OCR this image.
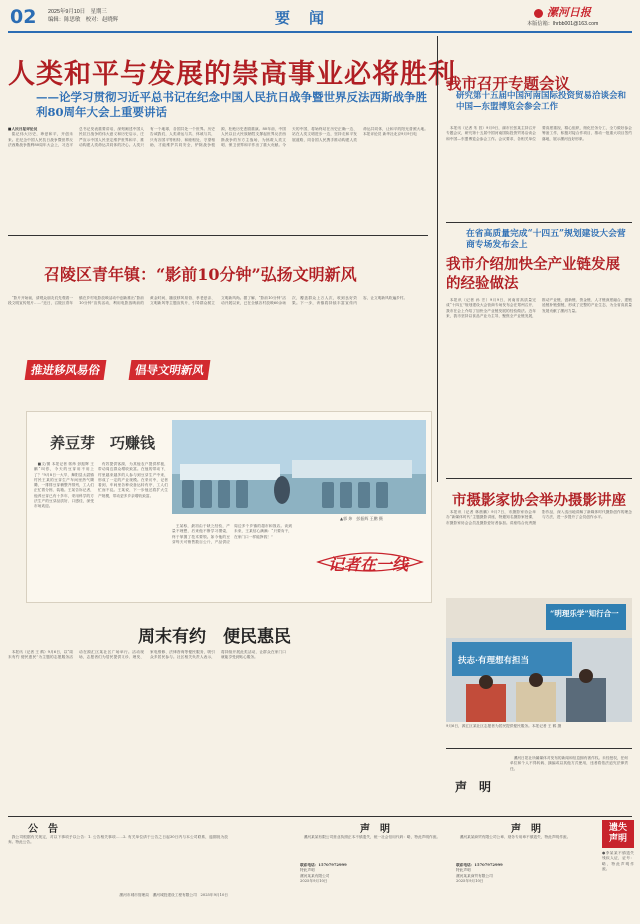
02 2025年9月10日　 星期三
编辑：陈思敏　 校对：赵晓辉	要　闻	漯河日报
本版信箱：lhrbb001@163.com
人类和平与发展的崇高事业必将胜利
——论学习贯彻习近平总书记在纪念中国人民抗日战争暨世界反法西斯战争胜利80周年大会上重要讲话
■人民日报评论员

铭记伟大历史，珍爱和平，开创未来。在纪念中国人民抗日战争暨世界反法西斯战争胜利80周年大会上，习近平总书记发表重要讲话，深刻阐述中国人民抗日战争的伟大意义和历史启示，庄严宣示中国人民坚定维护世界和平、推动构建人类命运共同体的决心。人类只有一个地球，各国共处一个世界。历史告诫我们，人类命运与共、休戚与共，只有各国平等相待、和睦相处、守望相助，才能维护共同安全，铲除战争根源，杜绝历史悲剧重演。80年前，中国人民以巨大民族牺牲支撑起世界反法西斯战争的东方主战场，为拯救人类文明、保卫世界和平作出了重大贡献。今天的中国，将始终站在历史正确一边、站在人类文明进步一边，坚持走和平发展道路，同各国人民携手推动构建人类命运共同体，让和平的阳光普照大地。本报评论员 新华社北京9月9日电

我市召开专题会议
研究第十五届中国河南国际投资贸易洽谈会和中国—东盟博览会参会工作

本报讯（记者 朱 昌）9月9日，副市长张某主持召开专题会议，研究第十五届中国河南国际投资贸易洽谈会和中国—东盟博览会参会工作。会议要求，各相关单位要高度重视，精心组织，细化任务分工，全力做好参会筹备工作，积极对接合作项目，推动一批重大项目签约落地，展示漯河良好形象。

在省高质量完成“十四五”规划建设大会营商专场发布会上
我市介绍加快全产业链发展的经验做法

本报讯（记者 孙 宏）9月9日，河南省高质量完成“十四五”规划建设大会营商专场发布会在郑州召开，我市在会上介绍了加快全产业链发展的经验做法。近年来，我市坚持以食品产业为主导，聚焦全产业链发展，推动产业链、创新链、资金链、人才链深度融合，建链延链补链强链，形成了完整的产业生态，为全省高质量发展贡献了漯河力量。

召陵区青年镇：“影前10分钟”弘扬文明新风

“影片开始前，请观众朋友们先观看一段文明宣传短片……”近日，召陵区青年镇在乡村电影放映活动中创新推出“影前10分钟”宣传活动，利用电影放映前的黄金时间，播放移风易俗、孝老爱亲、文明新风等主题宣传片，引导群众树立文明新风尚。据了解，“影前10分钟”活动开展以来，已在全镇各村放映60余场次，覆盖群众上万人次，收到良好效果。下一步，该镇将持续丰富宣传内容，让文明新风吹遍乡村。

推进移风易俗	倡导文明新风
养豆芽　巧赚钱
▲郭 炜　彭振辉 王鹏 摄

■文/图 本报记者 郭炜 彭振辉 王鹏“叫你，今天的豆芽用不用上了？”9月8日一大早，舞阳县太尉镇村民王某的豆芽生产车间里热气腾腾，一排排豆芽桶整齐排列，工人们正忙着分拣、装箱。王某告诉记者，他养豆芽已有十多年，采用科学的方法生产的豆芽品质好、口感佳，深受市场欢迎。

有效提供客源，为其他农户提供样板，带动周边群众增收致富。在他的带动下，村里越来越多的人参与到豆芽生产中来，形成了一定的产业规模。在采访中，记者看到，车间里各种设备运转有序，工人们忙而不乱。王某说，下一步他还将扩大生产规模，带动更多乡亲增收致富。

王某称，最初由于缺乏经验，产量不理想，后来他不断学习摸索，终于掌握了技术要领。如今他的豆芽每天可销售数百公斤，产品供应周边多个乡镇的超市和饭店。谈到未来，王某信心满满：“只要肯干，在家门口一样能挣钱！”

记者在一线
周末有约　便民惠民

本报讯（记者 王 鹤）9月6日，以“周末有约 便民惠民”为主题的志愿服务活动在源汇区某社区广场举行。活动现场，志愿者们为居民提供义诊、理发、家电维修、法律咨询等便民服务，吸引众多居民参与。社区相关负责人表示，将持续开展此类活动，让群众在家门口就能享受到贴心服务。

市摄影家协会举办摄影讲座

本报讯（记者 林晨鹏）9月7日，市摄影家协会举办“新媒体时代”主题摄影讲座，特邀知名摄影家授课，市摄影家协会会员及摄影爱好者参加。讲座结合优秀摄影作品，深入浅出地讲解了新媒体时代摄影创作的理念与方法，进一步提升了会员创作水平。

“明理乐学”知行合一
扶志·有理想有担当
9月6日，源汇区某社区志愿者为居民提供便民服务。本报记者 王 鹤 摄
声　明

漯河日报社所属媒体对发布的新闻和信息拥有著作权。未经授权，任何单位和个人不得转载、摘编或以其他方式使用，违者将依法追究法律责任。

公　告

我公司根据有关规定，对以下事项予以公告：1. 公告相关事项……2. 有关单位请于公告之日起30日内与本公司联系，逾期视为放弃。特此公告。

漯河市城市管理局　漯河城投建设工程有限公司　2025年9月10日
声　明

漯河某某有限公司营业执照正本不慎遗失，统一社会信用代码：略，特此声明作废。

联系电话：15707972999
特此声明
漯河某某有限公司
2025年9月10日
声　明

漯河某某商贸有限公司公章、财务专用章不慎遗失，特此声明作废。

联系电话：15707972999
特此声明
漯河某某商贸有限公司
2025年9月10日
遗失
声明
●李某某不慎遗失残疾人证，证号：略，特此声明作废。
